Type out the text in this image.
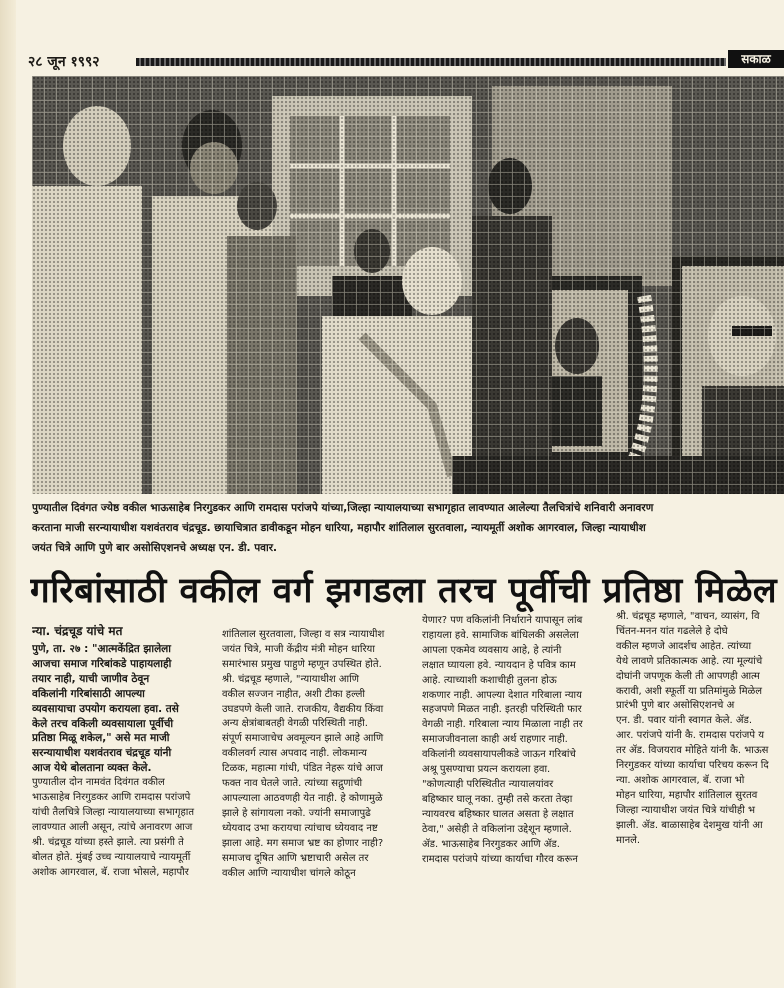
२८ जून १९९२	सकाळ
पुण्यातील दिवंगत ज्येष्ठ वकील भाऊसाहेब निरगुडकर आणि रामदास परांजपे यांच्या,जिल्हा न्यायालयाच्या सभागृहात लावण्यात आलेल्या तैलचित्रांचे शनिवारी अनावरण
करताना माजी सरन्यायाधीश यशवंतराव चंद्रचूड. छायाचित्रात डावीकडून मोहन धारिया, महापौर शांतिलाल सुरतवाला, न्यायमूर्ती अशोक आगरवाल, जिल्हा न्यायाधीश
जयंत चित्रे आणि पुणे बार असोसिएशनचे अध्यक्ष एन. डी. पवार.
गरिबांसाठी वकील वर्ग झगडला तरच पूर्वीची प्रतिष्ठा मिळेल
न्या. चंद्रचूड यांचे मत
पुणे, ता. २७ : "आत्मकेंद्रित झालेला
आजचा समाज गरिबांकडे पाहायलाही
तयार नाही, याची जाणीव ठेवून
वकिलांनी गरिबांसाठी आपल्या
व्यवसायाचा उपयोग करायला हवा. तसे
केले तरच वकिली व्यवसायाला पूर्वीची
प्रतिष्ठा मिळू शकेल," असे मत माजी
सरन्यायाधीश यशवंतराव चंद्रचूड यांनी
आज येथे बोलताना व्यक्त केले.
पुण्यातील दोन नामवंत दिवंगत वकील
भाऊसाहेब निरगुडकर आणि रामदास परांजपे
यांची तैलचित्रे जिल्हा न्यायालयाच्या सभागृहात
लावण्यात आली असून, त्यांचे अनावरण आज
श्री. चंद्रचूड यांच्या हस्ते झाले. त्या प्रसंगी ते
बोलत होते. मुंबई उच्च न्यायालयाचे न्यायमूर्ती
अशोक आगरवाल, बॅ. राजा भोसले, महापौर
शांतिलाल सुरतवाला, जिल्हा व सत्र न्यायाधीश
जयंत चित्रे, माजी केंद्रीय मंत्री मोहन धारिया
समारंभास प्रमुख पाहुणे म्हणून उपस्थित होते.
श्री. चंद्रचूड म्हणाले, "न्यायाधीश आणि
वकील सज्जन नाहीत, अशी टीका हल्ली
उघडपणे केली जाते. राजकीय, वैद्यकीय किंवा
अन्य क्षेत्रांबाबतही वेगळी परिस्थिती नाही.
संपूर्ण समाजाचेच अवमूल्यन झाले आहे आणि
वकीलवर्ग त्यास अपवाद नाही. लोकमान्य
टिळक, महात्मा गांधी, पंडित नेहरू यांचे आज
फक्त नाव घेतले जाते. त्यांच्या सद्गुणांची
आपल्याला आठवणही येत नाही. हे कोणामुळे
झाले हे सांगायला नको. ज्यांनी समाजापुढे
ध्येयवाद उभा करायचा त्यांचाच ध्येयवाद नष्ट
झाला आहे. मग समाज भ्रष्ट का होणार नाही?
समाजच दूषित आणि भ्रष्टाचारी असेल तर
वकील आणि न्यायाधीश चांगले कोठून
येणार? पण वकिलांनी निर्धाराने यापासून लांब
राहायला हवे. सामाजिक बांधिलकी असलेला
आपला एकमेव व्यवसाय आहे, हे त्यांनी
लक्षात घ्यायला हवे. न्यायदान हे पवित्र काम
आहे. त्याच्याशी कशाचीही तुलना होऊ
शकणार नाही. आपल्या देशात गरिबाला न्याय
सहजपणे मिळत नाही. इतरही परिस्थिती फार
वेगळी नाही. गरिबाला न्याय मिळाला नाही तर
समाजजीवनाला काही अर्थ राहणार नाही.
वकिलांनी व्यवसायापलीकडे जाऊन गरिबांचे
अश्रू पुसण्याचा प्रयत्न करायला हवा.
"कोणत्याही परिस्थितीत न्यायालयांवर
बहिष्कार घालू नका. तुम्ही तसे करता तेव्हा
न्यायवरच बहिष्कार घालत असता हे लक्षात
ठेवा," असेही ते वकिलांना उद्देशून म्हणाले.
ॲड. भाऊसाहेब निरगुडकर आणि ॲड.
रामदास परांजपे यांच्या कार्याचा गौरव करून
श्री. चंद्रचूड म्हणाले, "वाचन, व्यासंग, वि
चिंतन-मनन यांत गढलेले हे दोघे
वकील म्हणजे आदर्शच आहेत. त्यांच्या
येथे लावणे प्रतिकात्मक आहे. त्या मूल्यांचे
दोघांनी जपणूक केली ती आपणही आत्म
करावी, अशी स्फूर्ती या प्रतिमांमुळे मिळेल
प्रारंभी पुणे बार असोसिएशनचे अ
एन. डी. पवार यांनी स्वागत केले. ॲड.
आर. परांजपे यांनी कै. रामदास परांजपे य
तर ॲड. विजयराव मोहिते यांनी कै. भाऊस
निरगुडकर यांच्या कार्याचा परिचय करून दि
न्या. अशोक आगरवाल, बॅ. राजा भो
मोहन धारिया, महापौर शांतिलाल सुरतव
जिल्हा न्यायाधीश जयंत चित्रे यांचीही भ
झाली. ॲड. बाळासाहेब देशमुख यांनी आ
मानले.
